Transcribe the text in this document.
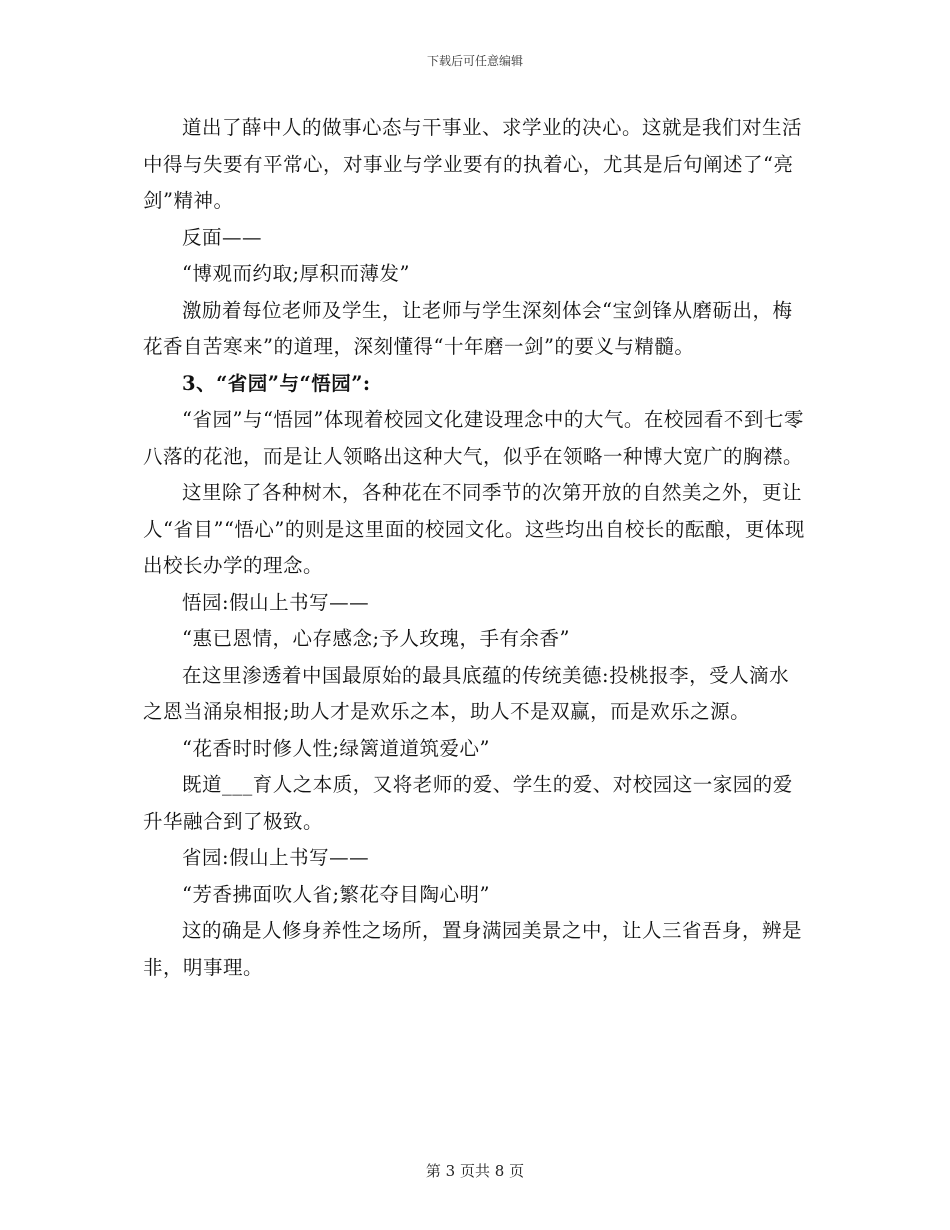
下载后可任意编辑

道出了薛中人的做事心态与干事业、求学业的决心。这就是我们对生活中得与失要有平常心，对事业与学业要有的执着心，尤其是后句阐述了“亮剑”精神。

反面——

“博观而约取;厚积而薄发”

激励着每位老师及学生，让老师与学生深刻体会“宝剑锋从磨砺出，梅花香自苦寒来”的道理，深刻懂得“十年磨一剑”的要义与精髓。

3、“省园”与“悟园”:

“省园”与“悟园”体现着校园文化建设理念中的大气。在校园看不到七零八落的花池，而是让人领略出这种大气，似乎在领略一种博大宽广的胸襟。

这里除了各种树木，各种花在不同季节的次第开放的自然美之外，更让人“省目”“悟心”的则是这里面的校园文化。这些均出自校长的酝酿，更体现出校长办学的理念。

悟园:假山上书写——

“惠已恩情，心存感念;予人玫瑰，手有余香”

在这里渗透着中国最原始的最具底蕴的传统美德:投桃报李，受人滴水之恩当涌泉相报;助人才是欢乐之本，助人不是双赢，而是欢乐之源。

“花香时时修人性;绿篱道道筑爱心”

既道___育人之本质，又将老师的爱、学生的爱、对校园这一家园的爱升华融合到了极致。

省园:假山上书写——

“芳香拂面吹人省;繁花夺目陶心明”

这的确是人修身养性之场所，置身满园美景之中，让人三省吾身，辨是非，明事理。

第 3 页共 8 页
